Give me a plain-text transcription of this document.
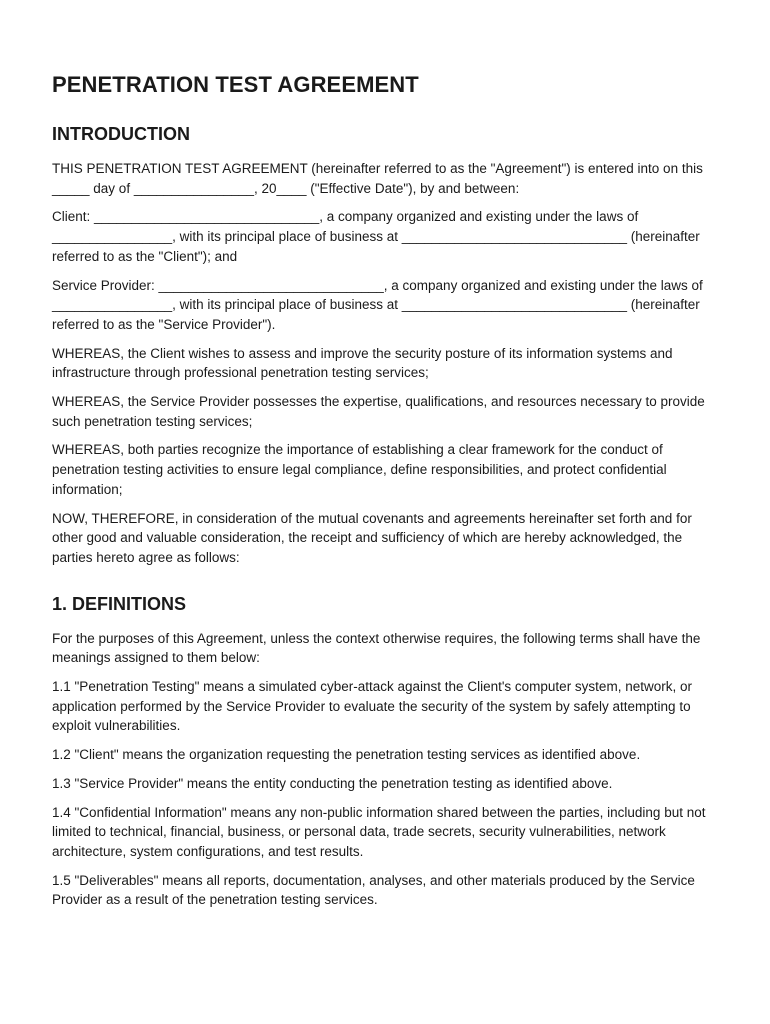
PENETRATION TEST AGREEMENT
INTRODUCTION

THIS PENETRATION TEST AGREEMENT (hereinafter referred to as the "Agreement") is entered into on this _____ day of ________________, 20____ ("Effective Date"), by and between:

Client: ______________________________, a company organized and existing under the laws of ________________, with its principal place of business at ______________________________ (hereinafter referred to as the "Client"); and

Service Provider: ______________________________, a company organized and existing under the laws of ________________, with its principal place of business at ______________________________ (hereinafter referred to as the "Service Provider").

WHEREAS, the Client wishes to assess and improve the security posture of its information systems and infrastructure through professional penetration testing services;

WHEREAS, the Service Provider possesses the expertise, qualifications, and resources necessary to provide such penetration testing services;

WHEREAS, both parties recognize the importance of establishing a clear framework for the conduct of penetration testing activities to ensure legal compliance, define responsibilities, and protect confidential information;

NOW, THEREFORE, in consideration of the mutual covenants and agreements hereinafter set forth and for other good and valuable consideration, the receipt and sufficiency of which are hereby acknowledged, the parties hereto agree as follows:

1. DEFINITIONS

For the purposes of this Agreement, unless the context otherwise requires, the following terms shall have the meanings assigned to them below:

1.1 "Penetration Testing" means a simulated cyber-attack against the Client's computer system, network, or application performed by the Service Provider to evaluate the security of the system by safely attempting to exploit vulnerabilities.

1.2 "Client" means the organization requesting the penetration testing services as identified above.

1.3 "Service Provider" means the entity conducting the penetration testing as identified above.

1.4 "Confidential Information" means any non-public information shared between the parties, including but not limited to technical, financial, business, or personal data, trade secrets, security vulnerabilities, network architecture, system configurations, and test results.

1.5 "Deliverables" means all reports, documentation, analyses, and other materials produced by the Service Provider as a result of the penetration testing services.
